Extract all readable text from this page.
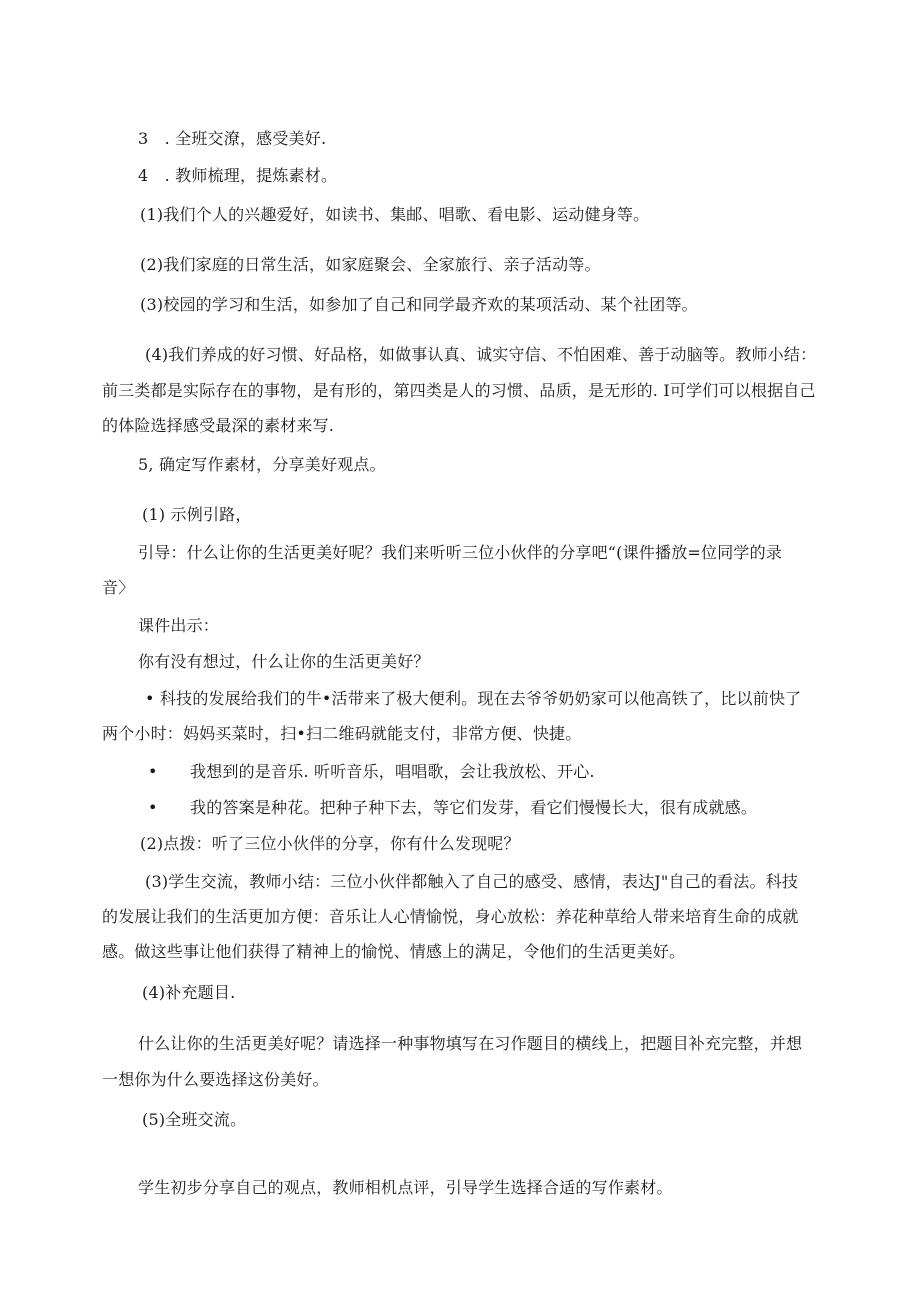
3　. 全班交潦，感受美好.
4　. 教师梳理，提炼素材。
(1)我们个人的兴趣爱好，如读书、集邮、唱歌、看电影、运动健身等。
(2)我们家庭的日常生活，如家庭聚会、全家旅行、亲子活动等。
(3)校园的学习和生活，如参加了自己和同学最齐欢的某项活动、某个社团等。
(4)我们养成的好习惯、好品格，如做事认真、诚实守信、不怕困难、善于动脑等。教师小结：
前三类都是实际存在的事物，是有形的，第四类是人的习惯、品质，是无形的. I可学们可以根据自己
的体险选择感受最深的素材来写.
5, 确定写作素材，分享美好观点。
(1) 示例引路，
引导：什么让你的生活更美好呢？我们来听听三位小伙伴的分享吧“(课件播放=位同学的录
音〉
课件出示：
你有没有想过，什么让你的生活更美好？
• 科技的发展给我们的牛•活带来了极大便利。现在去爷爷奶奶家可以他高铁了，比以前快了
两个小时：妈妈买菜时，扫•扫二维码就能支付，非常方便、快捷。
•　　我想到的是音乐. 听听音乐，唱唱歌，会让我放松、开心.
•　　我的答案是种花。把种子种下去，等它们发芽，看它们慢慢长大，很有成就感。
(2)点拨：听了三位小伙伴的分享，你有什么发现呢？
(3)学生交流，教师小结：三位小伙伴都触入了自己的感受、感情，表达J"自己的看法。科技
的发展让我们的生活更加方便：音乐让人心情愉悦，身心放松：养花种草给人带来培育生命的成就
感。做这些事让他们获得了精神上的愉悦、情感上的满足，令他们的生活更美好。
(4)补充题目.
什么让你的生活更美好呢？请选择一种事物填写在习作题目的横线上，把题目补充完整，并想
一想你为什么要选择这份美好。
(5)全班交流。
学生初步分享自己的观点，教师相机点评，引导学生选择合适的写作素材。
